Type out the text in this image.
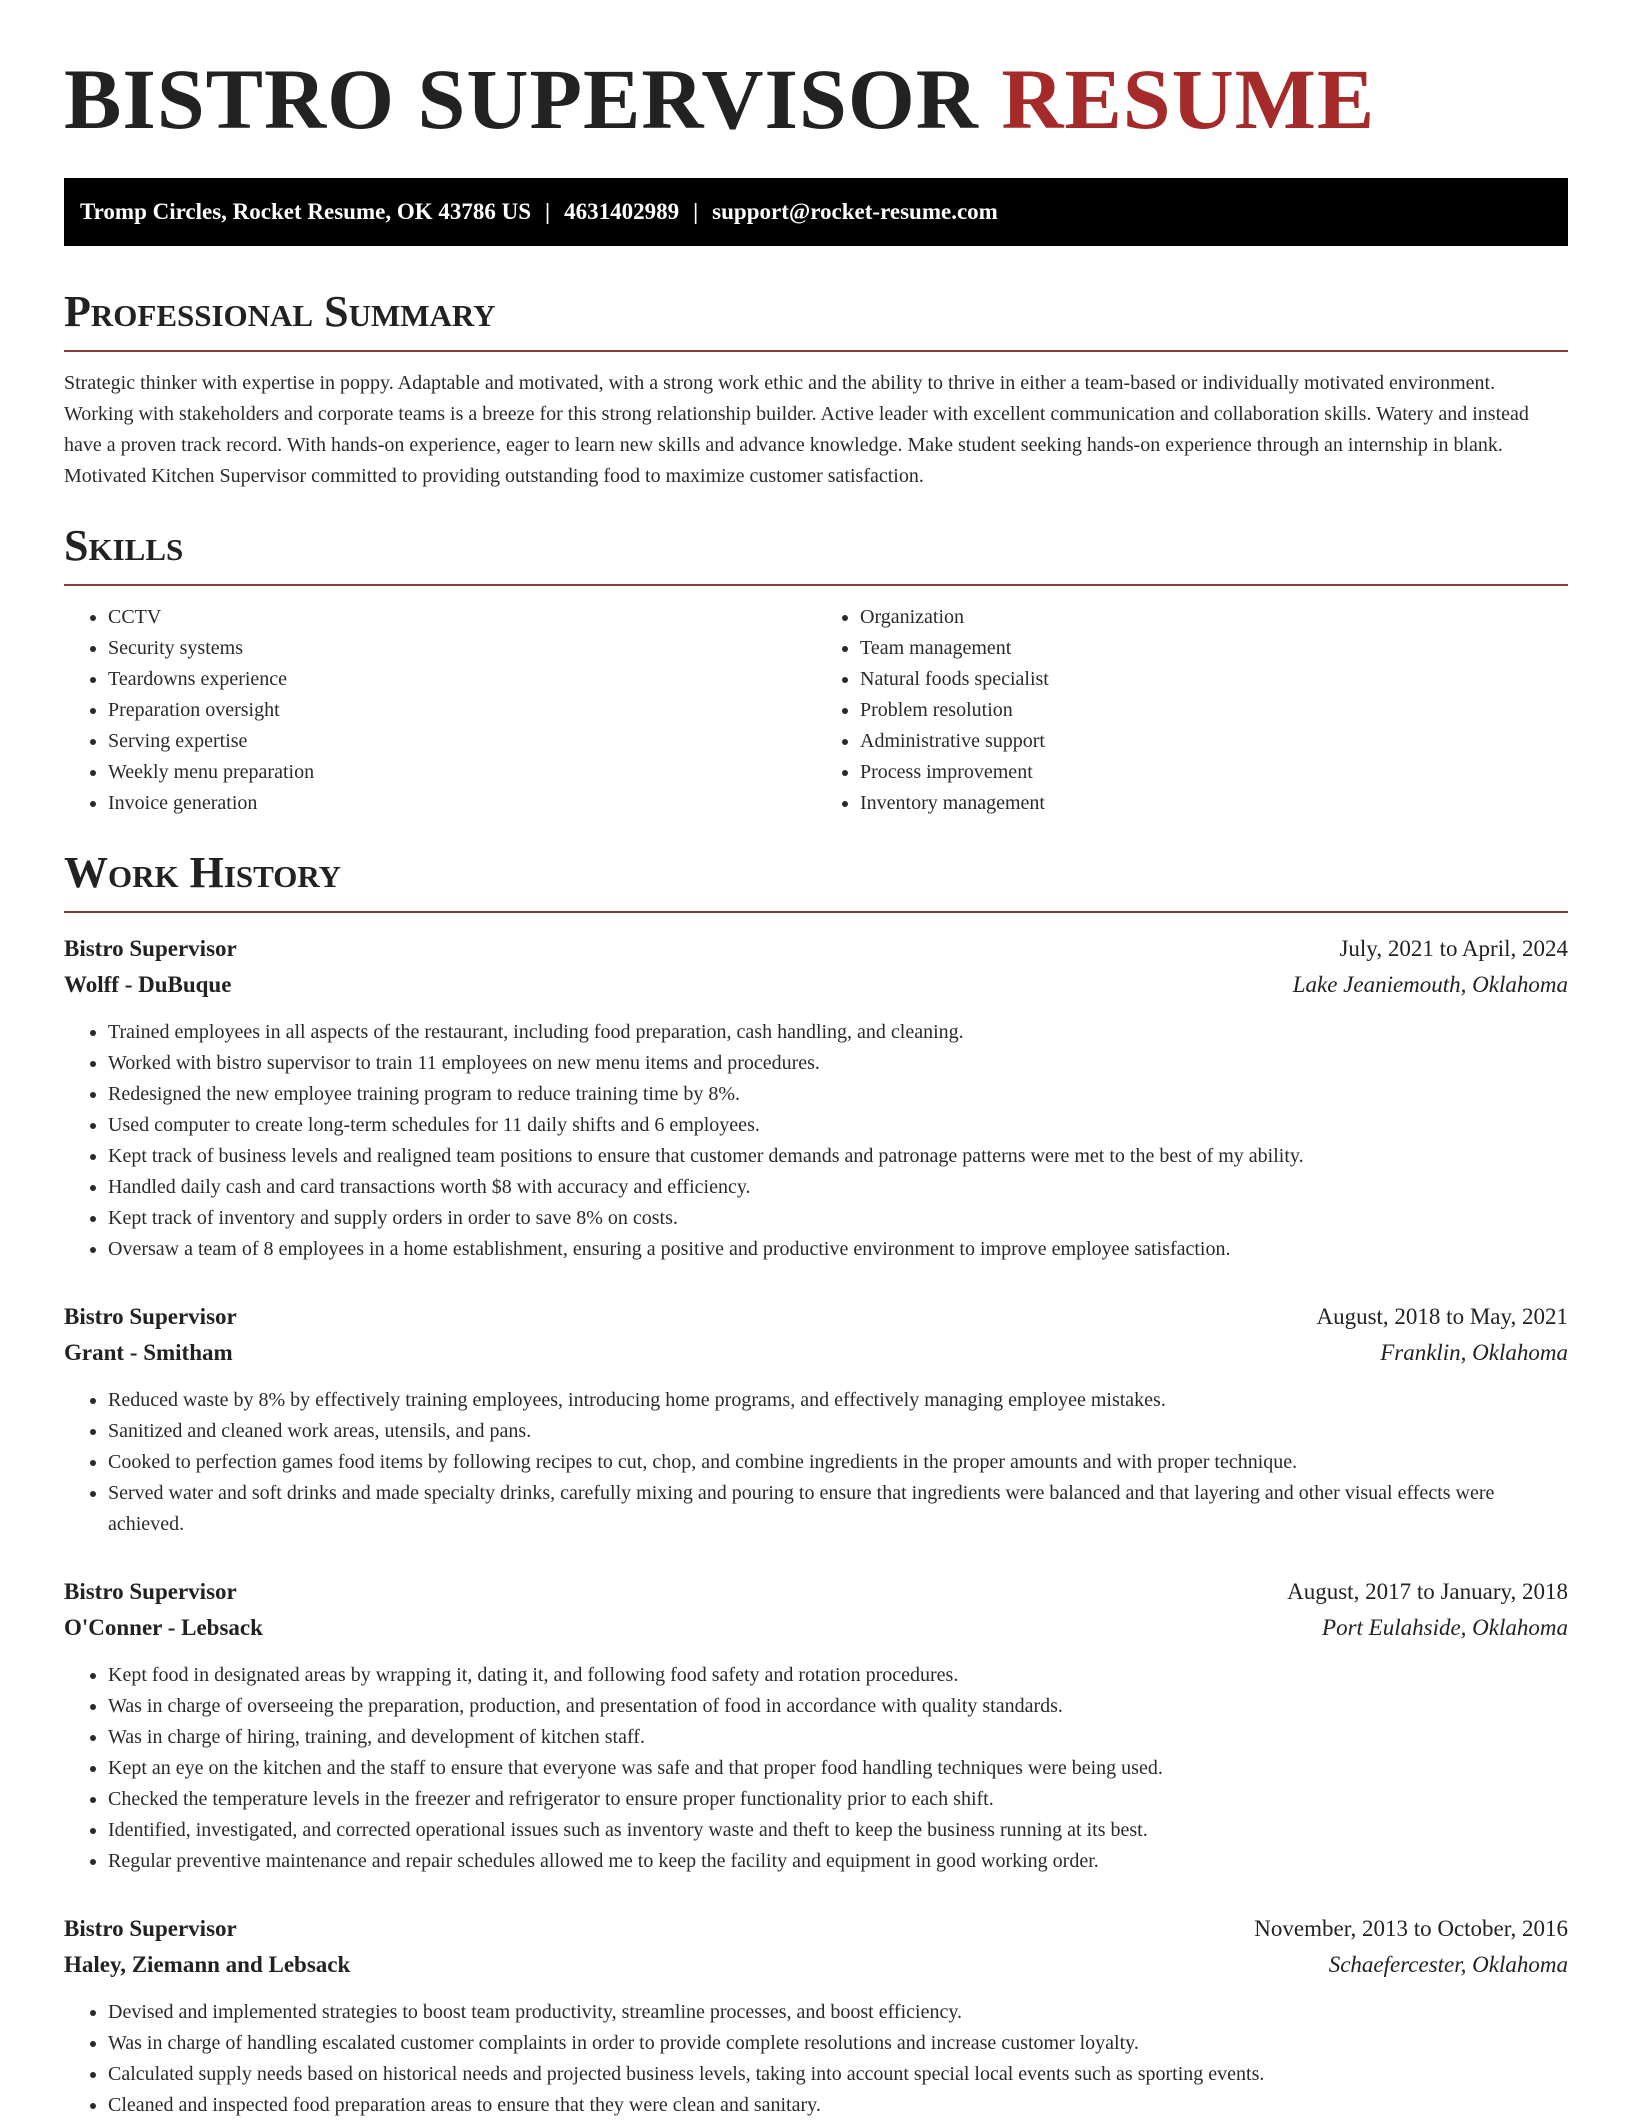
BISTRO SUPERVISOR RESUME
Tromp Circles, Rocket Resume, OK 43786 US | 4631402989 | support@rocket-resume.com
Professional Summary

Strategic thinker with expertise in poppy. Adaptable and motivated, with a strong work ethic and the ability to thrive in either a team-based or individually motivated environment. Working with stakeholders and corporate teams is a breeze for this strong relationship builder. Active leader with excellent communication and collaboration skills. Watery and instead have a proven track record. With hands-on experience, eager to learn new skills and advance knowledge. Make student seeking hands-on experience through an internship in blank. Motivated Kitchen Supervisor committed to providing outstanding food to maximize customer satisfaction.

Skills
• CCTV
• Security systems
• Teardowns experience
• Preparation oversight
• Serving expertise
• Weekly menu preparation
• Invoice generation
• Organization
• Team management
• Natural foods specialist
• Problem resolution
• Administrative support
• Process improvement
• Inventory management
Work History
Bistro Supervisor	July, 2021 to April, 2024
Wolff - DuBuque	Lake Jeaniemouth, Oklahoma
• Trained employees in all aspects of the restaurant, including food preparation, cash handling, and cleaning.
• Worked with bistro supervisor to train 11 employees on new menu items and procedures.
• Redesigned the new employee training program to reduce training time by 8%.
• Used computer to create long-term schedules for 11 daily shifts and 6 employees.
• Kept track of business levels and realigned team positions to ensure that customer demands and patronage patterns were met to the best of my ability.
• Handled daily cash and card transactions worth $8 with accuracy and efficiency.
• Kept track of inventory and supply orders in order to save 8% on costs.
• Oversaw a team of 8 employees in a home establishment, ensuring a positive and productive environment to improve employee satisfaction.
Bistro Supervisor	August, 2018 to May, 2021
Grant - Smitham	Franklin, Oklahoma
• Reduced waste by 8% by effectively training employees, introducing home programs, and effectively managing employee mistakes.
• Sanitized and cleaned work areas, utensils, and pans.
• Cooked to perfection games food items by following recipes to cut, chop, and combine ingredients in the proper amounts and with proper technique.
• Served water and soft drinks and made specialty drinks, carefully mixing and pouring to ensure that ingredients were balanced and that layering and other visual effects were achieved.
Bistro Supervisor	August, 2017 to January, 2018
O'Conner - Lebsack	Port Eulahside, Oklahoma
• Kept food in designated areas by wrapping it, dating it, and following food safety and rotation procedures.
• Was in charge of overseeing the preparation, production, and presentation of food in accordance with quality standards.
• Was in charge of hiring, training, and development of kitchen staff.
• Kept an eye on the kitchen and the staff to ensure that everyone was safe and that proper food handling techniques were being used.
• Checked the temperature levels in the freezer and refrigerator to ensure proper functionality prior to each shift.
• Identified, investigated, and corrected operational issues such as inventory waste and theft to keep the business running at its best.
• Regular preventive maintenance and repair schedules allowed me to keep the facility and equipment in good working order.
Bistro Supervisor	November, 2013 to October, 2016
Haley, Ziemann and Lebsack	Schaefercester, Oklahoma
• Devised and implemented strategies to boost team productivity, streamline processes, and boost efficiency.
• Was in charge of handling escalated customer complaints in order to provide complete resolutions and increase customer loyalty.
• Calculated supply needs based on historical needs and projected business levels, taking into account special local events such as sporting events.
• Cleaned and inspected food preparation areas to ensure that they were clean and sanitary.
